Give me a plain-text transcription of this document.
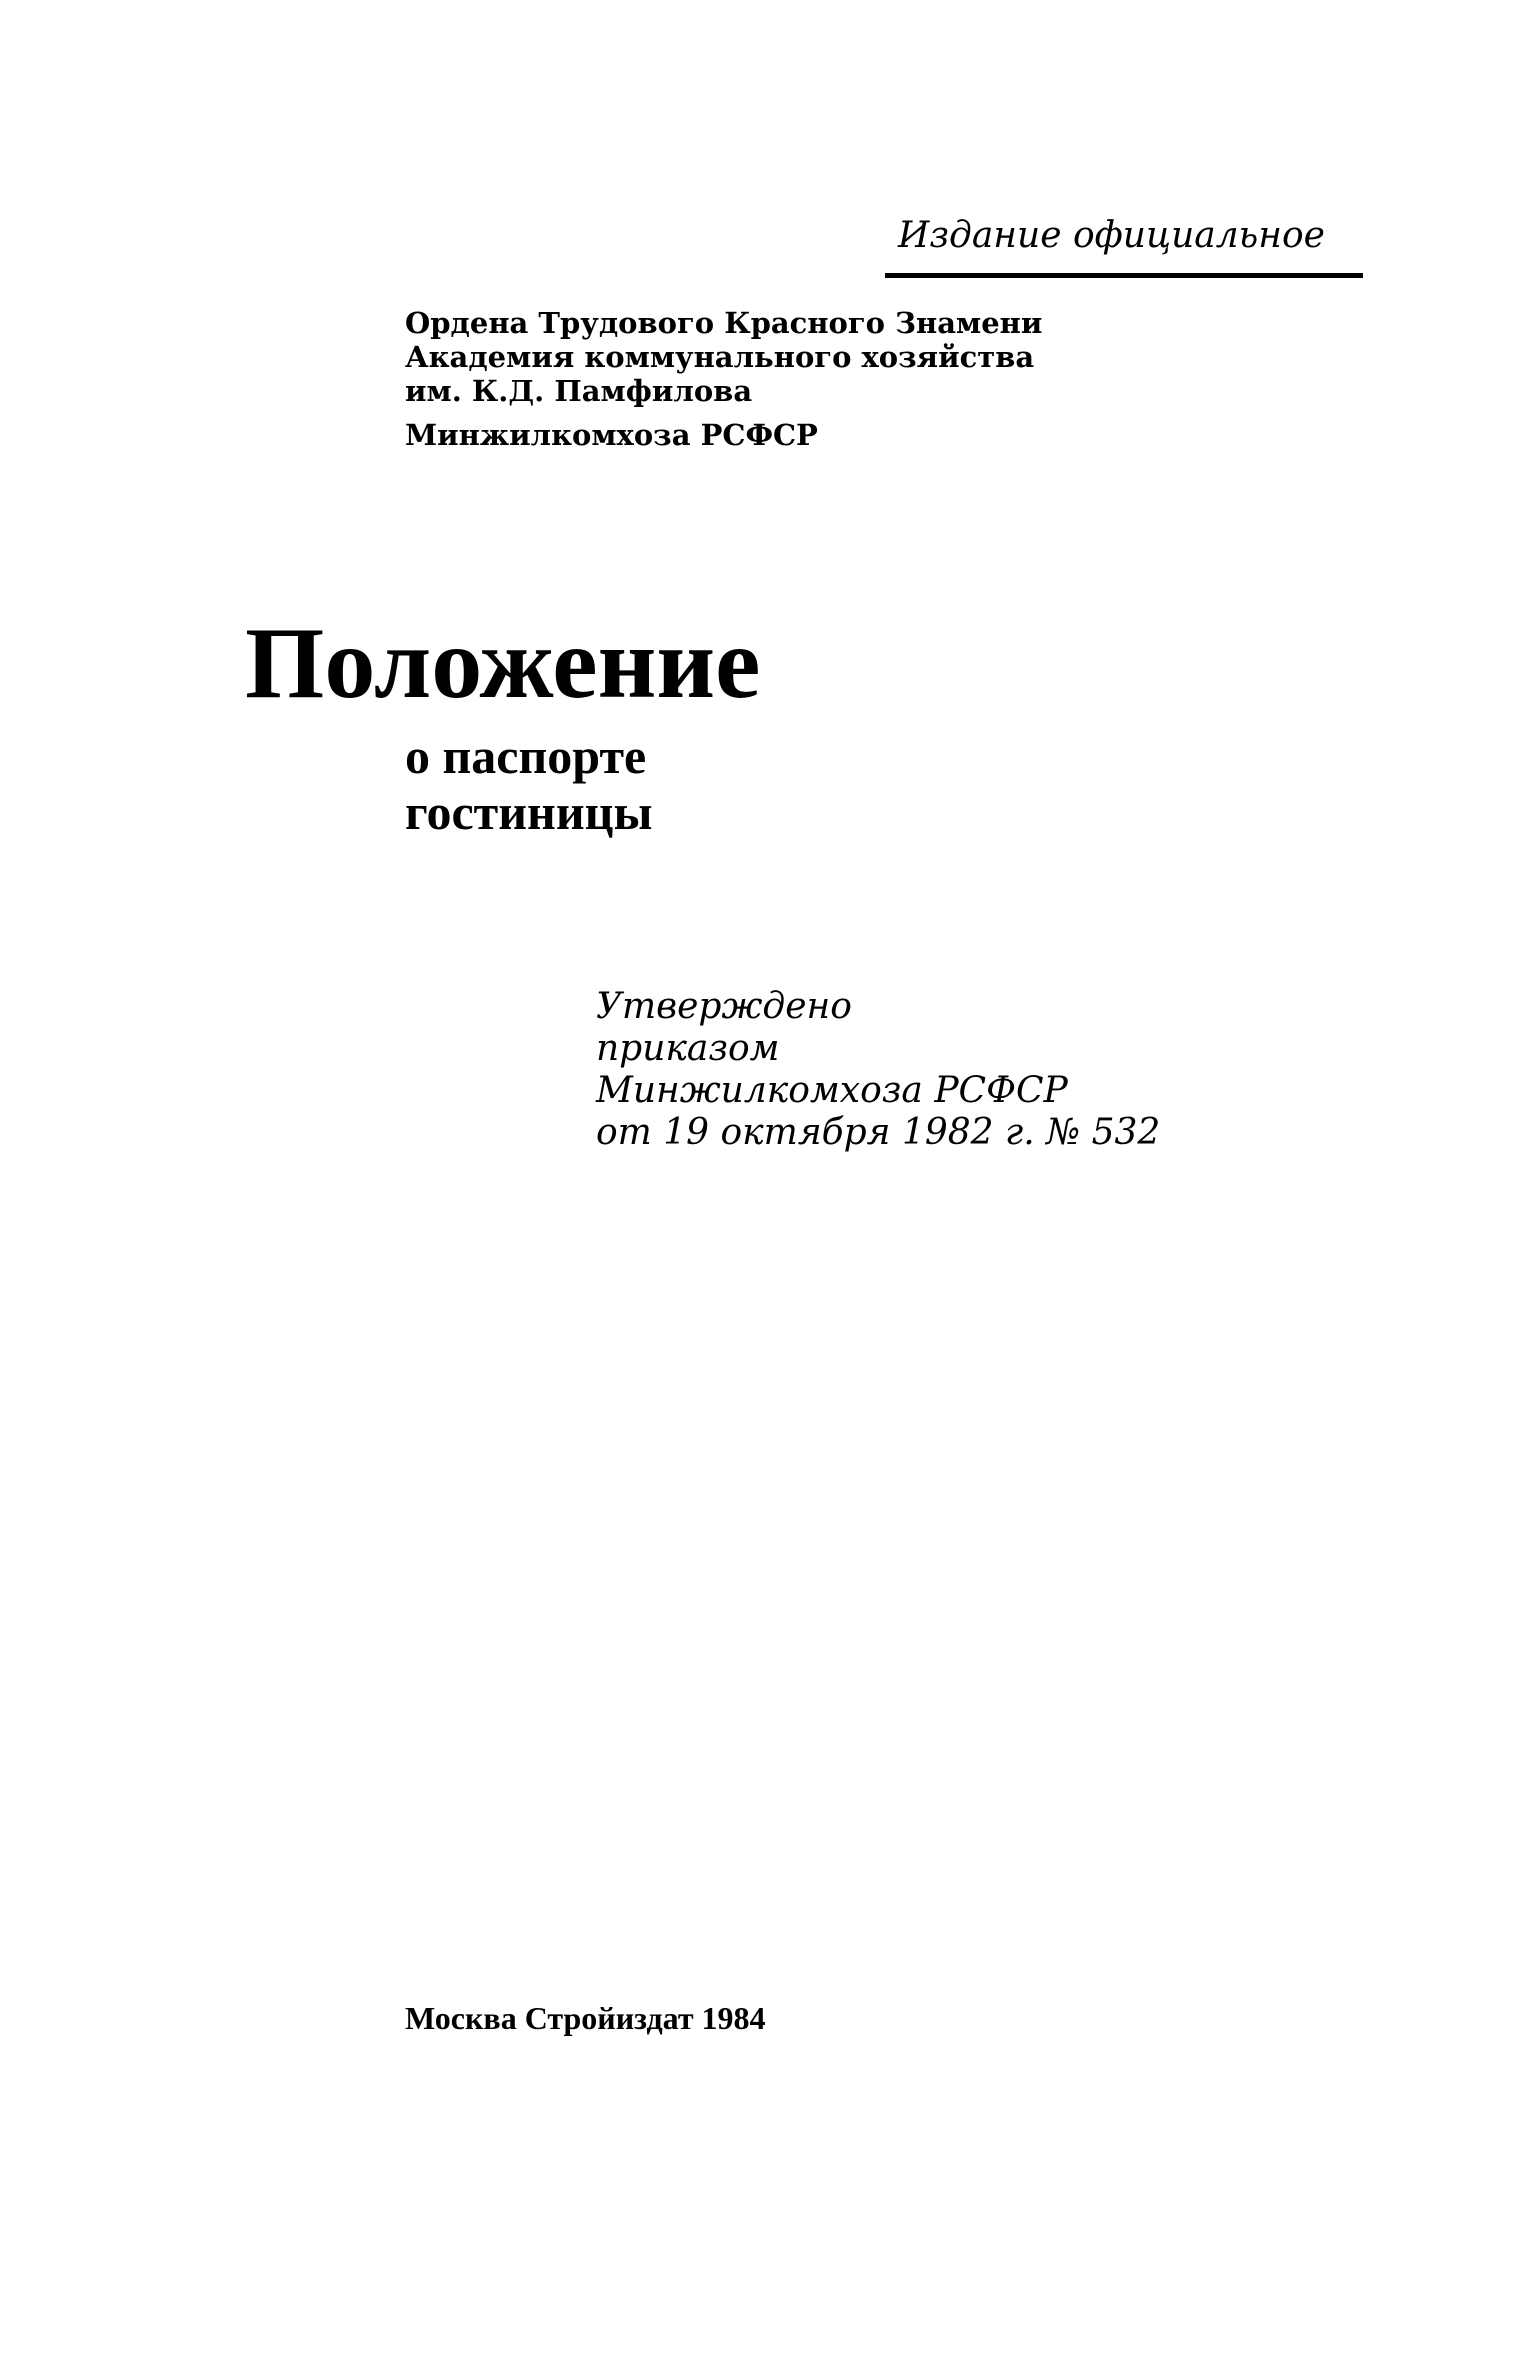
Издание официальное
Ордена Трудового Красного Знамени
Академия коммунального хозяйства
им. К.Д. Памфилова
Минжилкомхоза РСФСР
Положение
о паспорте
гостиницы
Утверждено
приказом
Минжилкомхоза РСФСР
от 19 октября 1982 г. № 532
Москва Стройиздат 1984
